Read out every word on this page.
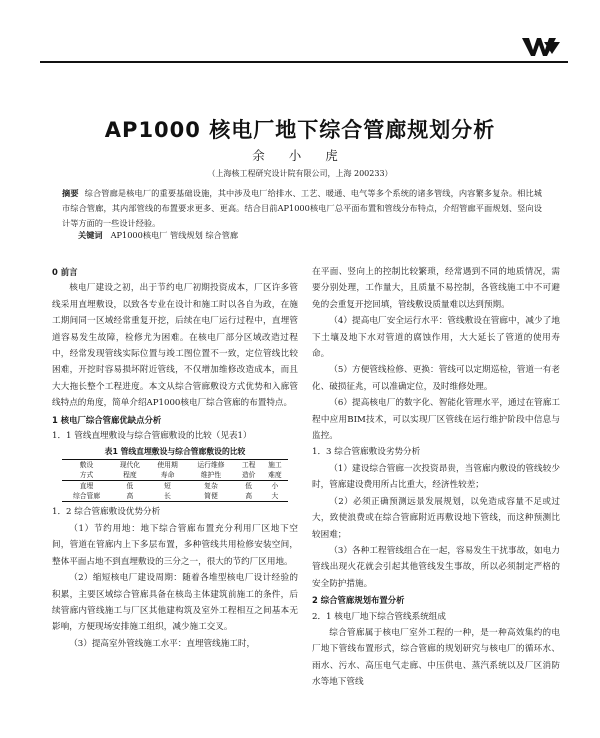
AP1000 核电厂地下综合管廊规划分析
余 小 虎
（上海核工程研究设计院有限公司，上海 200233）
摘要 综合管廊是核电厂的重要基础设施，其中涉及电厂给排水、工艺、暖通、电气等多个系统的诸多管线，内容繁多复杂。相比城市综合管廊，其内部管线的布置要求更多、更高。结合目前AP1000核电厂总平面布置和管线分布特点，介绍管廊平面规划、竖向设计等方面的一些设计经验。
关键词 AP1000核电厂 管线规划 综合管廊

0 前言

核电厂建设之初，出于节约电厂初期投资成本，厂区许多管线采用直埋敷设，以致各专业在设计和施工时以各自为政，在施工期间同一区域经常重复开挖，后续在电厂运行过程中，直埋管道容易发生故障，检修尤为困难。在核电厂部分区域改造过程中，经常发现管线实际位置与竣工图位置不一致，定位管线比较困难，开挖时容易损坏附近管线，不仅增加维修改造成本，而且大大拖长整个工程进度。本文从综合管廊敷设方式优势和入廊管线特点的角度，简单介绍AP1000核电厂综合管廊的布置特点。

1 核电厂综合管廊优缺点分析

1．1 管线直埋敷设与综合管廊敷设的比较（见表1）

表1 管线直埋敷设与综合管廊敷设的比较
敷设	现代化	使用期	运行维修	工程	施工
方式	程度	寿命	维护性	造价	难度
直埋	低	短	复杂	低	小
综合管廊	高	长	简便	高	大

1．2 综合管廊敷设优势分析

（1）节约用地：地下综合管廊布置充分利用厂区地下空间，管道在管廊内上下多层布置，多种管线共用检修安装空间，整体平面占地不到直埋敷设的三分之一，很大的节约厂区用地。

（2）缩短核电厂建设周期：随着各堆型核电厂设计经验的积累，主要区域综合管廊具备在核岛主体建筑前施工的条件，后续管廊内管线施工与厂区其他建构筑及室外工程相互之间基本无影响，方便现场安排施工组织，减少施工交叉。

（3）提高室外管线施工水平：直埋管线施工时，

在平面、竖向上的控制比较繁琐，经常遇到不同的地质情况，需要分别处理，工作量大，且质量不易控制，各管线施工中不可避免的会重复开挖回填，管线敷设质量难以达到预期。

（4）提高电厂安全运行水平：管线敷设在管廊中，减少了地下土壤及地下水对管道的腐蚀作用，大大延长了管道的使用寿命。

（5）方便管线检修、更换：管线可以定期巡检，管道一有老化、破损征兆，可以准确定位，及时维修处理。

（6）提高核电厂的数字化、智能化管理水平，通过在管廊工程中应用BIM技术，可以实现厂区管线在运行维护阶段中信息与监控。

1．3 综合管廊敷设劣势分析

（1）建设综合管廊一次投资昂贵，当管廊内敷设的管线较少时，管廊建设费用所占比重大，经济性较差；

（2）必须正确预测远景发展规划，以免造成容量不足或过大，致使浪费或在综合管廊附近再敷设地下管线，而这种预测比较困难；

（3）各种工程管线组合在一起，容易发生干扰事故，如电力管线出现火花就会引起其他管线发生事故，所以必须制定严格的安全防护措施。

2 综合管廊规划布置分析

2．1 核电厂地下综合管线系统组成

综合管廊属于核电厂室外工程的一种，是一种高效集约的电厂地下管线布置形式，综合管廊的规划研究与核电厂的循环水、雨水、污水、高压电气走廊、中压供电、蒸汽系统以及厂区消防水等地下管线
